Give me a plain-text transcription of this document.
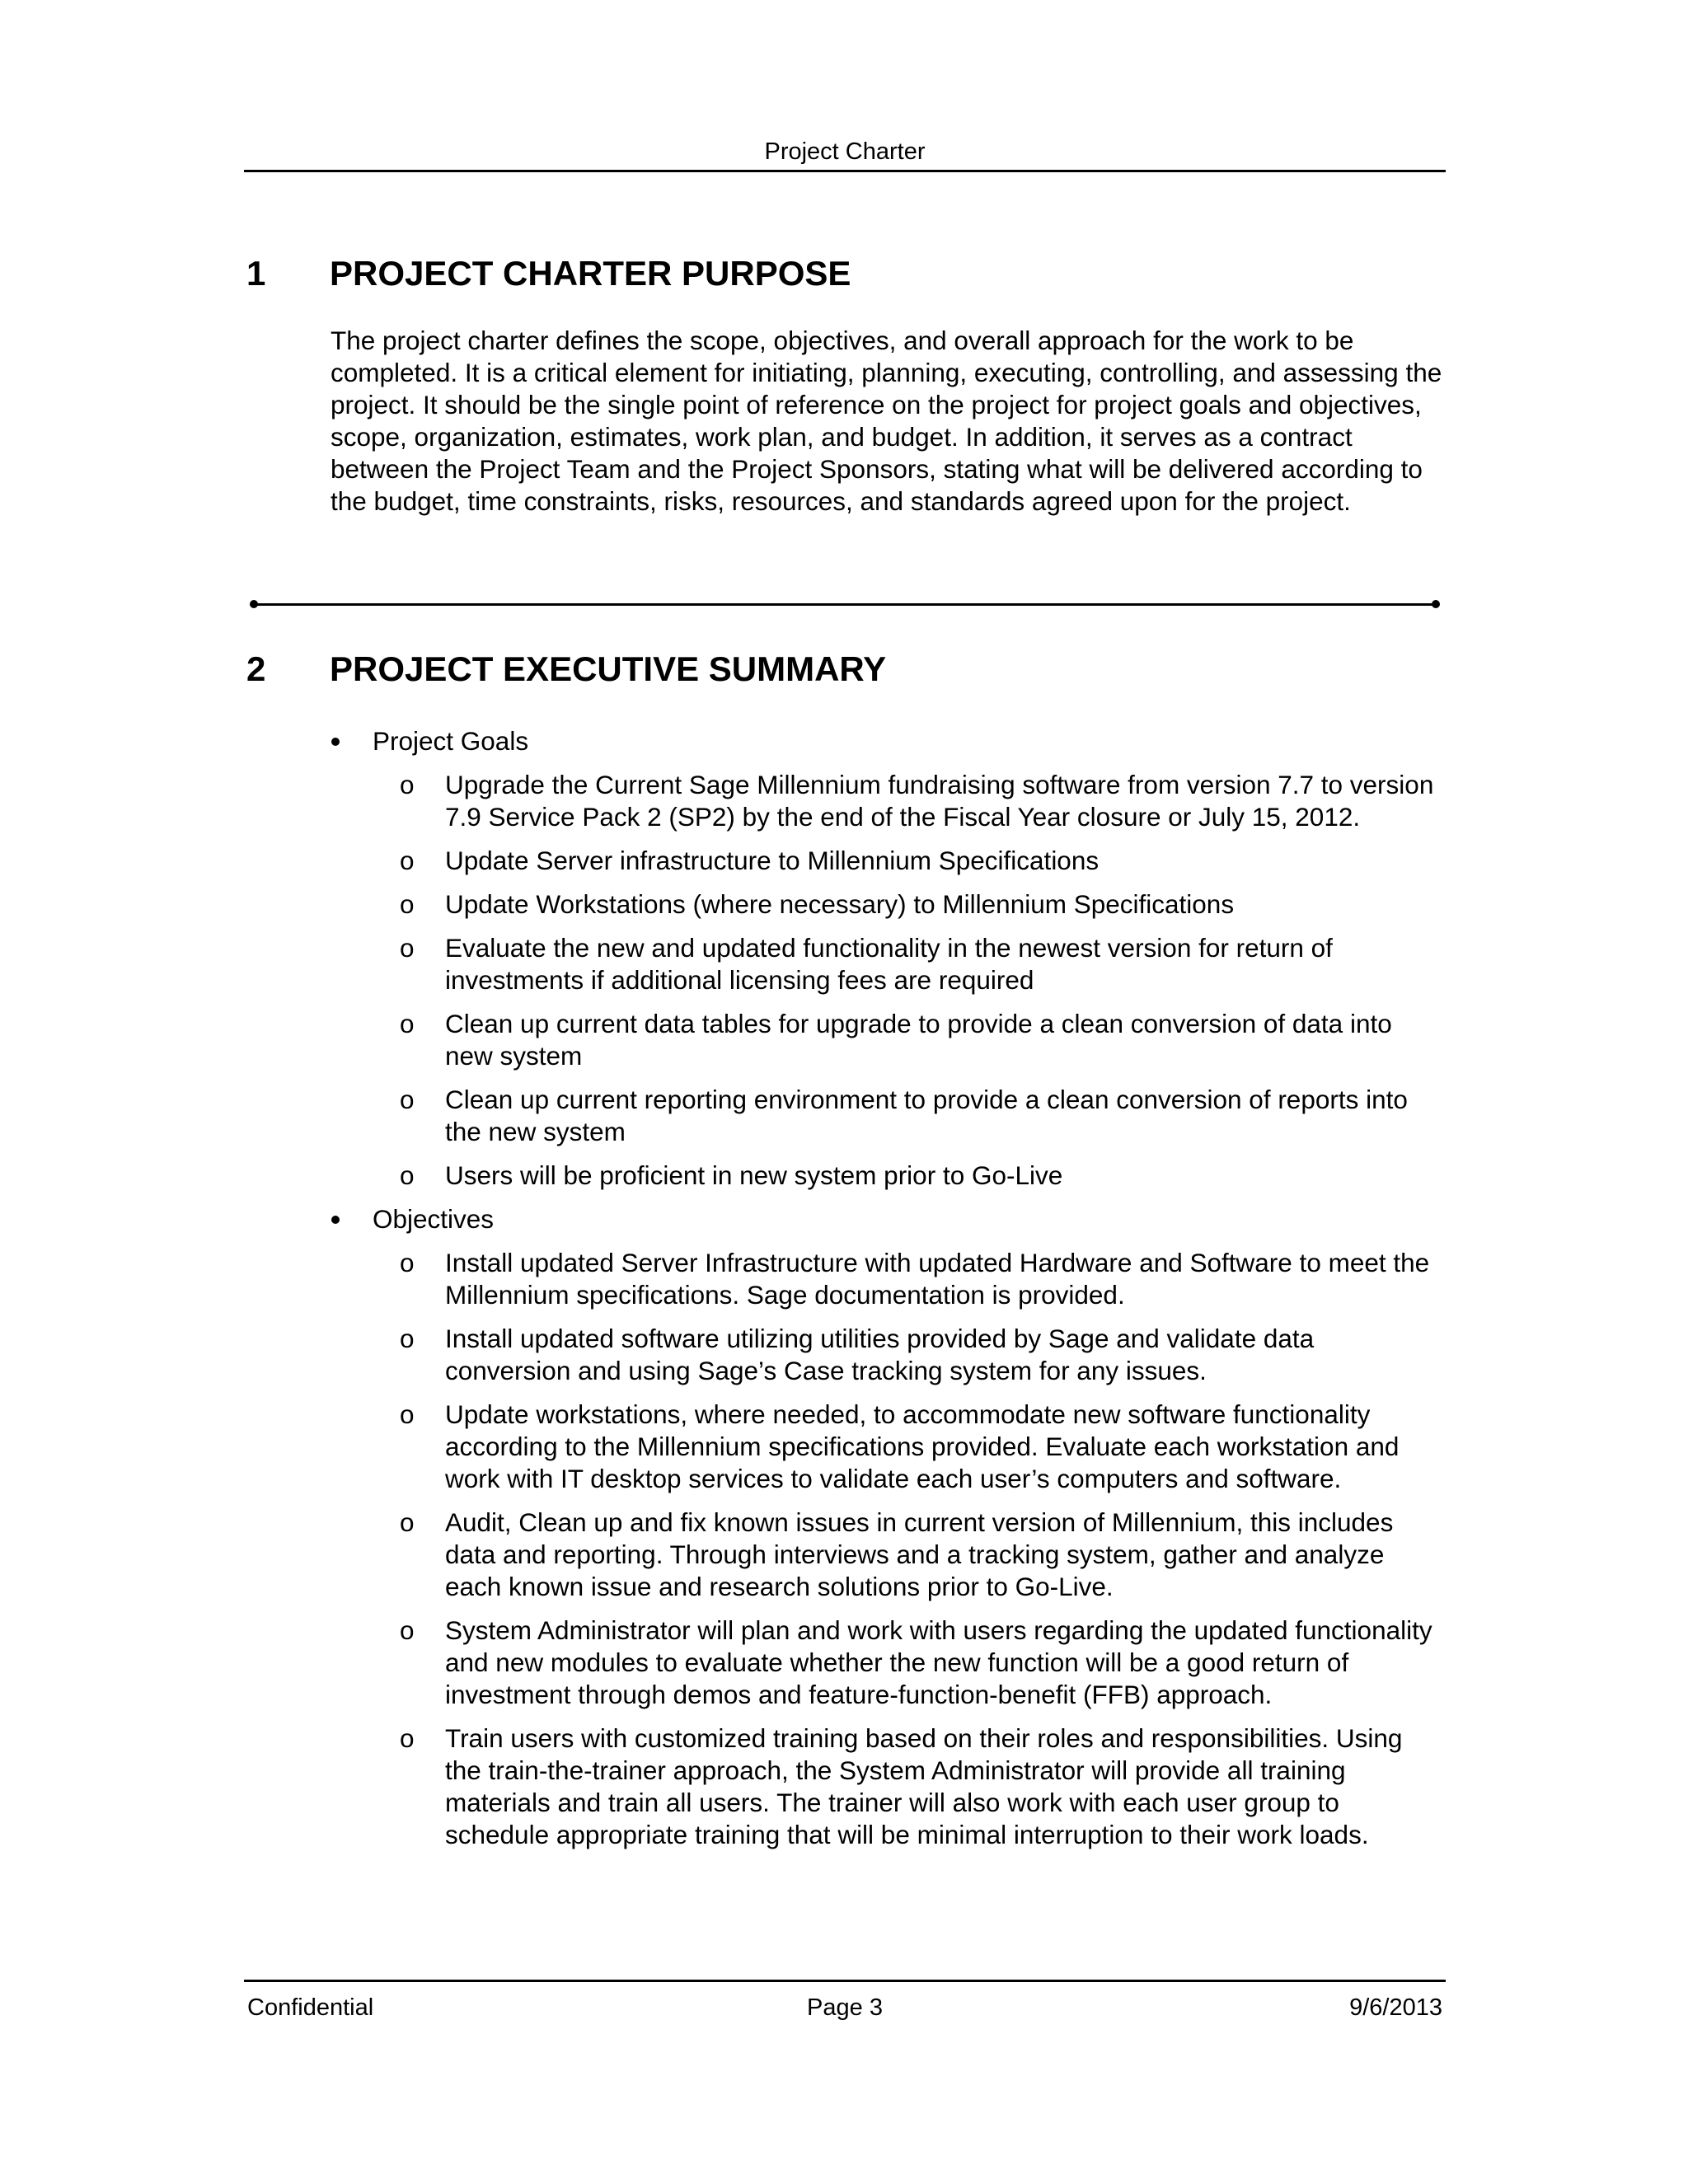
Project Charter
1	PROJECT CHARTER PURPOSE
The project charter defines the scope, objectives, and overall approach for the work to be completed. It is a critical element for initiating, planning, executing, controlling, and assessing the project. It should be the single point of reference on the project for project goals and objectives, scope, organization, estimates, work plan, and budget. In addition, it serves as a contract between the Project Team and the Project Sponsors, stating what will be delivered according to the budget, time constraints, risks, resources, and standards agreed upon for the project.
2	PROJECT EXECUTIVE SUMMARY
Project Goals
o	Upgrade the Current Sage Millennium fundraising software from version 7.7 to version 7.9 Service Pack 2 (SP2) by the end of the Fiscal Year closure or July 15, 2012.
o	Update Server infrastructure to Millennium Specifications
o	Update Workstations (where necessary) to Millennium Specifications
o	Evaluate the new and updated functionality in the newest version for return of investments if additional licensing fees are required
o	Clean up current data tables for upgrade to provide a clean conversion of data into new system
o	Clean up current reporting environment to provide a clean conversion of reports into the new system
o	Users will be proficient in new system prior to Go-Live
Objectives
o	Install updated Server Infrastructure with updated Hardware and Software to meet the Millennium specifications. Sage documentation is provided.
o	Install updated software utilizing utilities provided by Sage and validate data conversion and using Sage’s Case tracking system for any issues.
o	Update workstations, where needed, to accommodate new software functionality according to the Millennium specifications provided. Evaluate each workstation and work with IT desktop services to validate each user’s computers and software.
o	Audit, Clean up and fix known issues in current version of Millennium, this includes data and reporting. Through interviews and a tracking system, gather and analyze each known issue and research solutions prior to Go-Live.
o	System Administrator will plan and work with users regarding the updated functionality and new modules to evaluate whether the new function will be a good return of investment through demos and feature-function-benefit (FFB) approach.
o	Train users with customized training based on their roles and responsibilities. Using the train-the-trainer approach, the System Administrator will provide all training materials and train all users. The trainer will also work with each user group to schedule appropriate training that will be minimal interruption to their work loads.
Confidential	Page 3	9/6/2013
